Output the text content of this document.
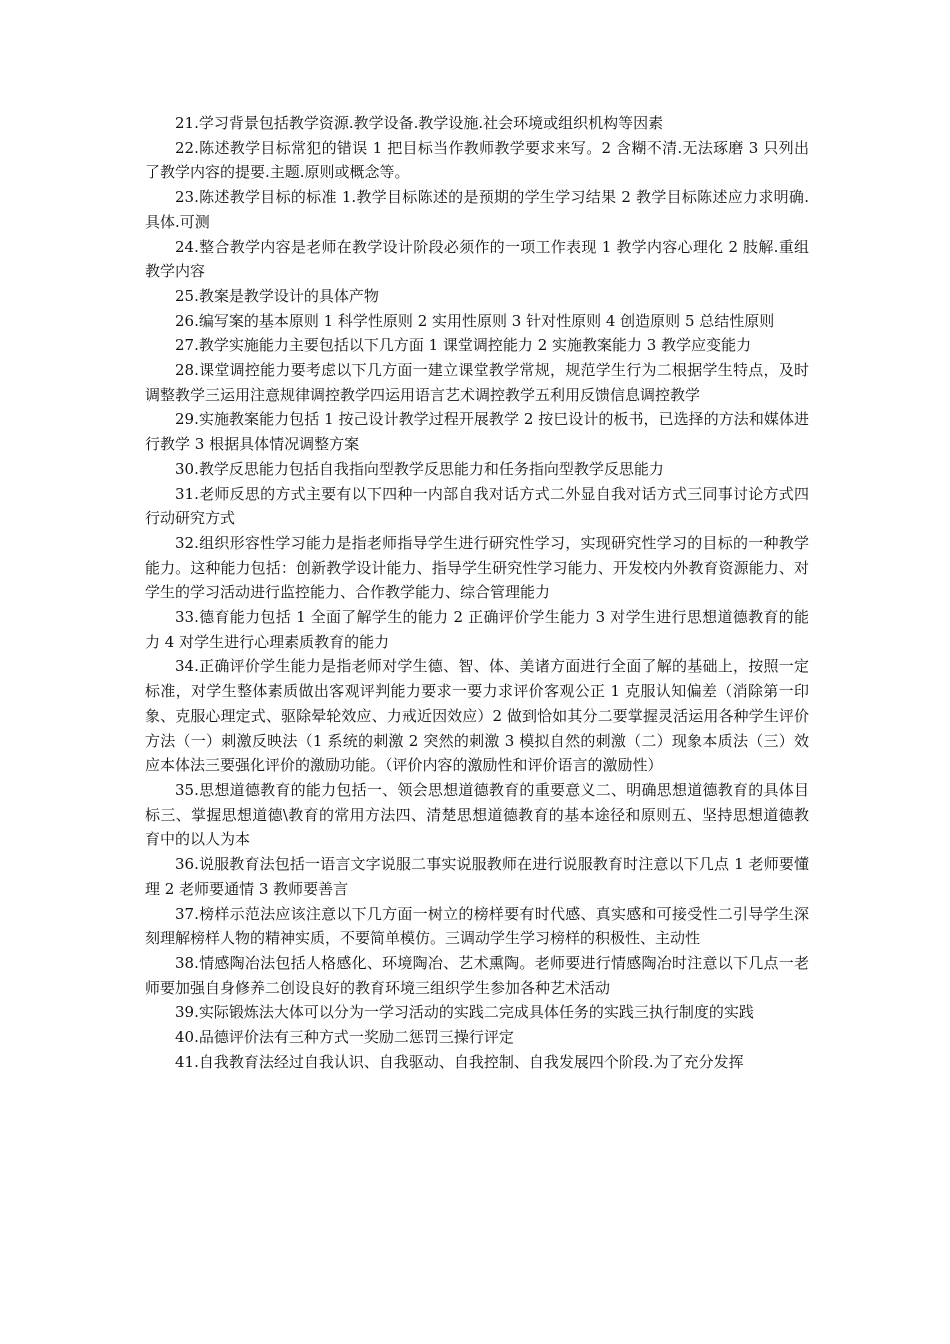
21.学习背景包括教学资源.教学设备.教学设施.社会环境或组织机构等因素

22.陈述教学目标常犯的错误 1 把目标当作教师教学要求来写。2 含糊不清.无法琢磨 3 只列出了教学内容的提要.主题.原则或概念等。

23.陈述教学目标的标准 1.教学目标陈述的是预期的学生学习结果 2 教学目标陈述应力求明确.具体.可测

24.整合教学内容是老师在教学设计阶段必须作的一项工作表现 1 教学内容心理化 2 肢解.重组教学内容

25.教案是教学设计的具体产物

26.编写案的基本原则 1 科学性原则 2 实用性原则 3 针对性原则 4 创造原则 5 总结性原则

27.教学实施能力主要包括以下几方面 1 课堂调控能力 2 实施教案能力 3 教学应变能力

28.课堂调控能力要考虑以下几方面一建立课堂教学常规，规范学生行为二根据学生特点，及时调整教学三运用注意规律调控教学四运用语言艺术调控教学五利用反馈信息调控教学

29.实施教案能力包括 1 按己设计教学过程开展教学 2 按巳设计的板书，已选择的方法和媒体进行教学 3 根据具体情况调整方案

30.教学反思能力包括自我指向型教学反思能力和任务指向型教学反思能力

31.老师反思的方式主要有以下四种一内部自我对话方式二外显自我对话方式三同事讨论方式四行动研究方式

32.组织形容性学习能力是指老师指导学生进行研究性学习，实现研究性学习的目标的一种教学能力。这种能力包括：创新教学设计能力、指导学生研究性学习能力、开发校内外教育资源能力、对学生的学习活动进行监控能力、合作教学能力、综合管理能力

33.德育能力包括 1 全面了解学生的能力 2 正确评价学生能力 3 对学生进行思想道德教育的能力 4 对学生进行心理素质教育的能力

34.正确评价学生能力是指老师对学生德、智、体、美诸方面进行全面了解的基础上，按照一定标准，对学生整体素质做出客观评判能力要求一要力求评价客观公正 1 克服认知偏差（消除第一印象、克服心理定式、驱除晕轮效应、力戒近因效应）2 做到恰如其分二要掌握灵活运用各种学生评价方法（一）刺激反映法（1 系统的刺激 2 突然的刺激 3 模拟自然的刺激（二）现象本质法（三）效应本体法三要强化评价的激励功能。（评价内容的激励性和评价语言的激励性）

35.思想道德教育的能力包括一、领会思想道德教育的重要意义二、明确思想道德教育的具体目标三、掌握思想道德\教育的常用方法四、清楚思想道德教育的基本途径和原则五、坚持思想道德教育中的以人为本

36.说服教育法包括一语言文字说服二事实说服教师在进行说服教育时注意以下几点 1 老师要懂理 2 老师要通情 3 教师要善言

37.榜样示范法应该注意以下几方面一树立的榜样要有时代感、真实感和可接受性二引导学生深刻理解榜样人物的精神实质，不要简单模仿。三调动学生学习榜样的积极性、主动性

38.情感陶冶法包括人格感化、环境陶冶、艺术熏陶。老师要进行情感陶冶时注意以下几点一老师要加强自身修养二创设良好的教育环境三组织学生参加各种艺术活动

39.实际锻炼法大体可以分为一学习活动的实践二完成具体任务的实践三执行制度的实践

40.品德评价法有三种方式一奖励二惩罚三操行评定

41.自我教育法经过自我认识、自我驱动、自我控制、自我发展四个阶段.为了充分发挥
